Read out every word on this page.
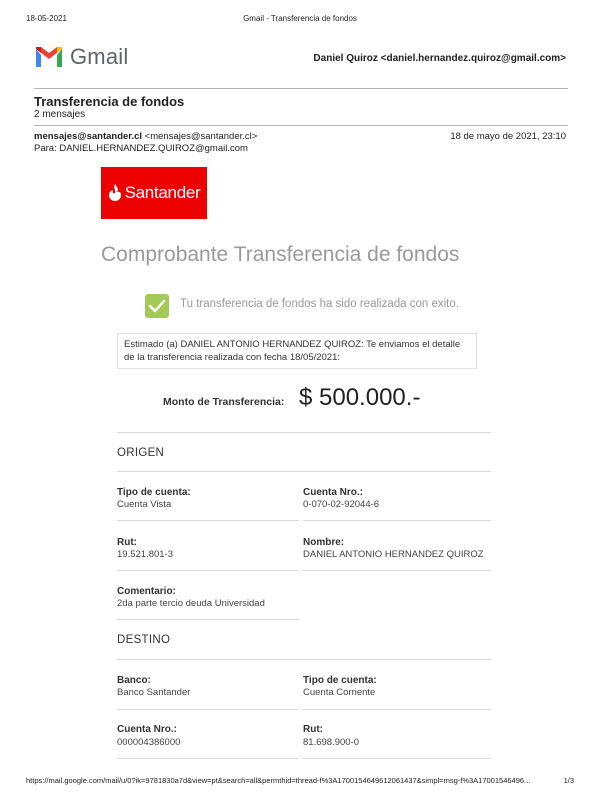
18-05-2021	Gmail - Transferencia de fondos
Gmail	Daniel Quiroz <daniel.hernandez.quiroz@gmail.com>
Transferencia de fondos
2 mensajes
mensajes@santander.cl <mensajes@santander.cl>	18 de mayo de 2021, 23:10
Para: DANIEL.HERNANDEZ.QUIROZ@gmail.com
Santander
Comprobante Transferencia de fondos
Tu transferencia de fondos ha sido realizada con exito.
Estimado (a) DANIEL ANTONIO HERNANDEZ QUIROZ: Te enviamos el detalle de la transferencia realizada con fecha 18/05/2021:
Monto de Transferencia: $ 500.000.-
ORIGEN
Tipo de cuenta:
Cuenta Vista
Cuenta Nro.:
0-070-02-92044-6
Rut:
19.521.801-3
Nombre:
DANIEL ANTONIO HERNANDEZ QUIROZ
Comentario:
2da parte tercio deuda Universidad
DESTINO
Banco:
Banco Santander
Tipo de cuenta:
Cuenta Corriente
Cuenta Nro.:
000004386000
Rut:
81.698.900-0
https://mail.google.com/mail/u/0?ik=9781830a7d&view=pt&search=all&permthid=thread-f%3A1700154649612061437&simpl=msg-f%3A17001546496...	1/3
